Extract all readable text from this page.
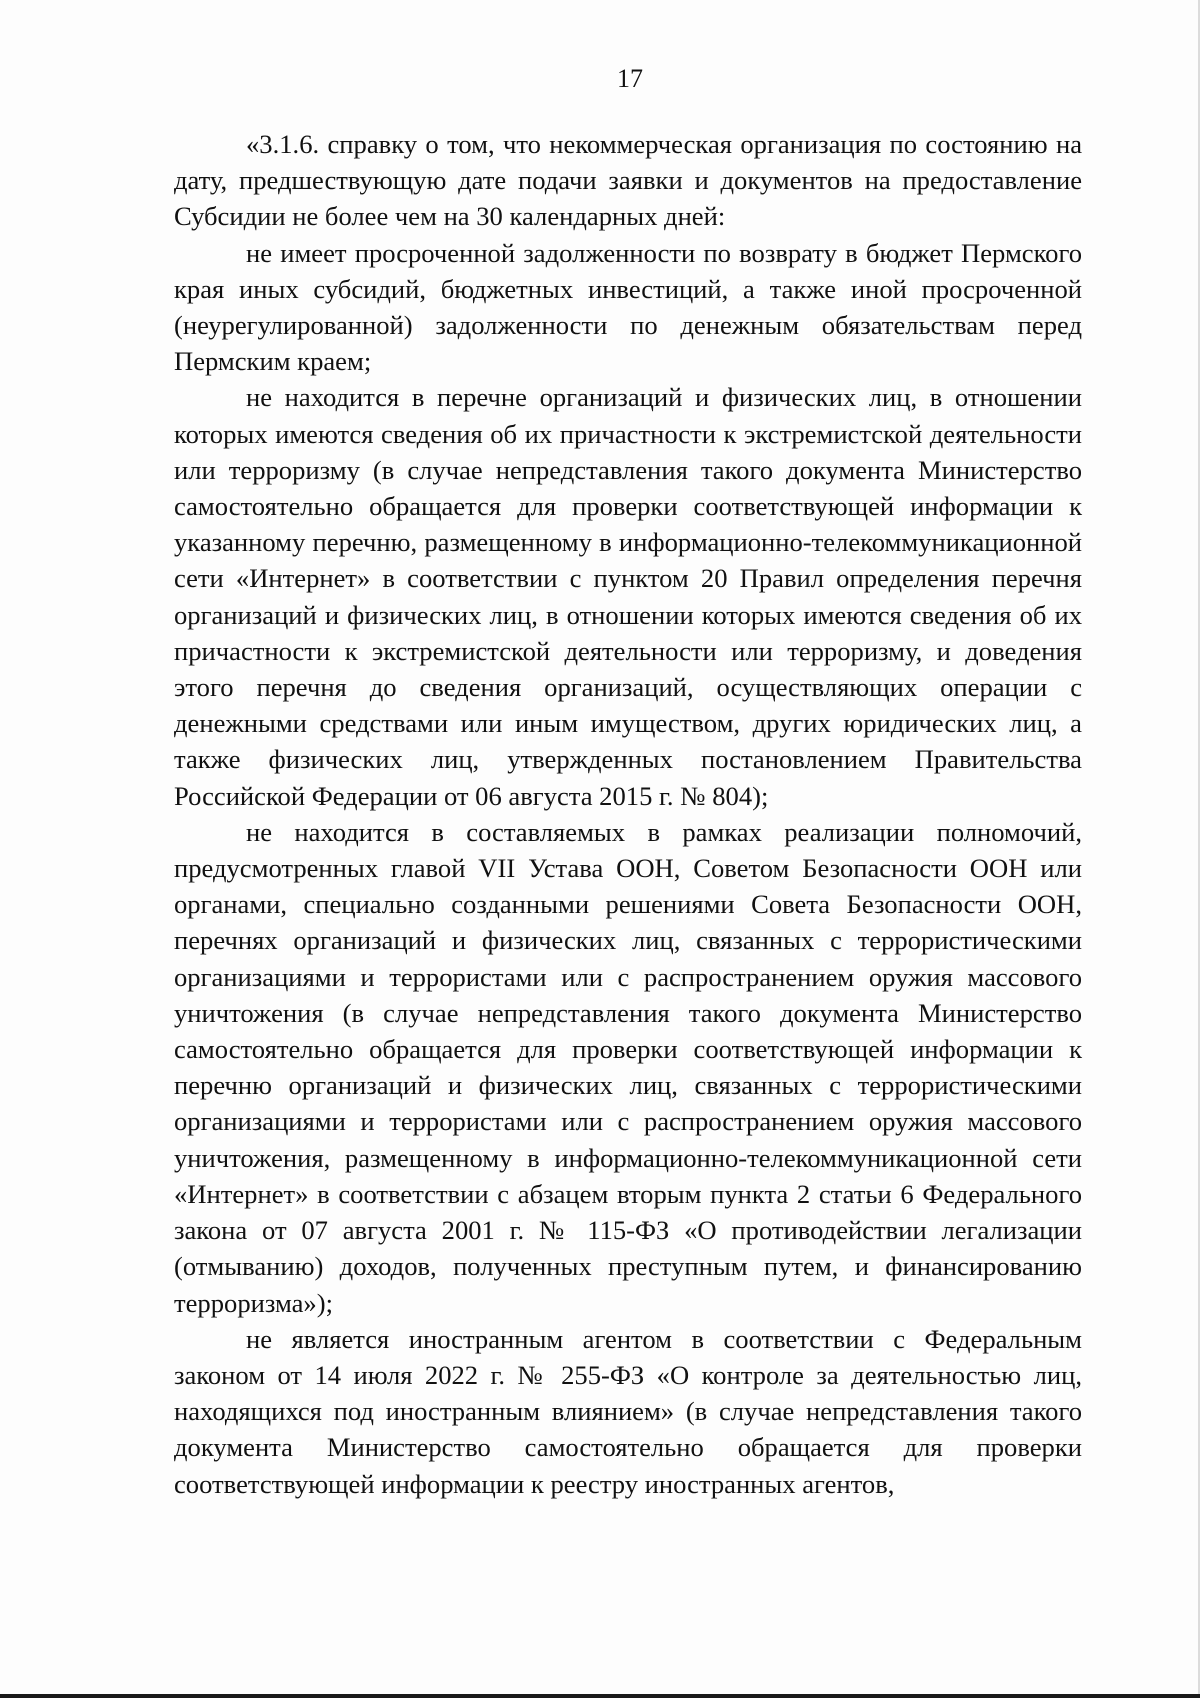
17

«3.1.6. справку о том, что некоммерческая организация по состоянию на дату, предшествующую дате подачи заявки и документов на предоставление Субсидии не более чем на 30 календарных дней:

не имеет просроченной задолженности по возврату в бюджет Пермского края иных субсидий, бюджетных инвестиций, а также иной просроченной (неурегулированной) задолженности по денежным обязательствам перед Пермским краем;

не находится в перечне организаций и физических лиц, в отношении которых имеются сведения об их причастности к экстремистской деятельности или терроризму (в случае непредставления такого документа Министерство самостоятельно обращается для проверки соответствующей информации к указанному перечню, размещенному в информационно-телекоммуникационной сети «Интернет» в соответствии с пунктом 20 Правил определения перечня организаций и физических лиц, в отношении которых имеются сведения об их причастности к экстремистской деятельности или терроризму, и доведения этого перечня до сведения организаций, осуществляющих операции с денежными средствами или иным имуществом, других юридических лиц, а также физических лиц, утвержденных постановлением Правительства Российской Федерации от 06 августа 2015 г. № 804);

не находится в составляемых в рамках реализации полномочий, предусмотренных главой VII Устава ООН, Советом Безопасности ООН или органами, специально созданными решениями Совета Безопасности ООН, перечнях организаций и физических лиц, связанных с террористическими организациями и террористами или с распространением оружия массового уничтожения (в случае непредставления такого документа Министерство самостоятельно обращается для проверки соответствующей информации к перечню организаций и физических лиц, связанных с террористическими организациями и террористами или с распространением оружия массового уничтожения, размещенному в информационно-телекоммуникационной сети «Интернет» в соответствии с абзацем вторым пункта 2 статьи 6 Федерального закона от 07 августа 2001 г. № 115-ФЗ «О противодействии легализации (отмыванию) доходов, полученных преступным путем, и финансированию терроризма»);

не является иностранным агентом в соответствии с Федеральным законом от 14 июля 2022 г. № 255-ФЗ «О контроле за деятельностью лиц, находящихся под иностранным влиянием» (в случае непредставления такого документа Министерство самостоятельно обращается для проверки соответствующей информации к реестру иностранных агентов,
